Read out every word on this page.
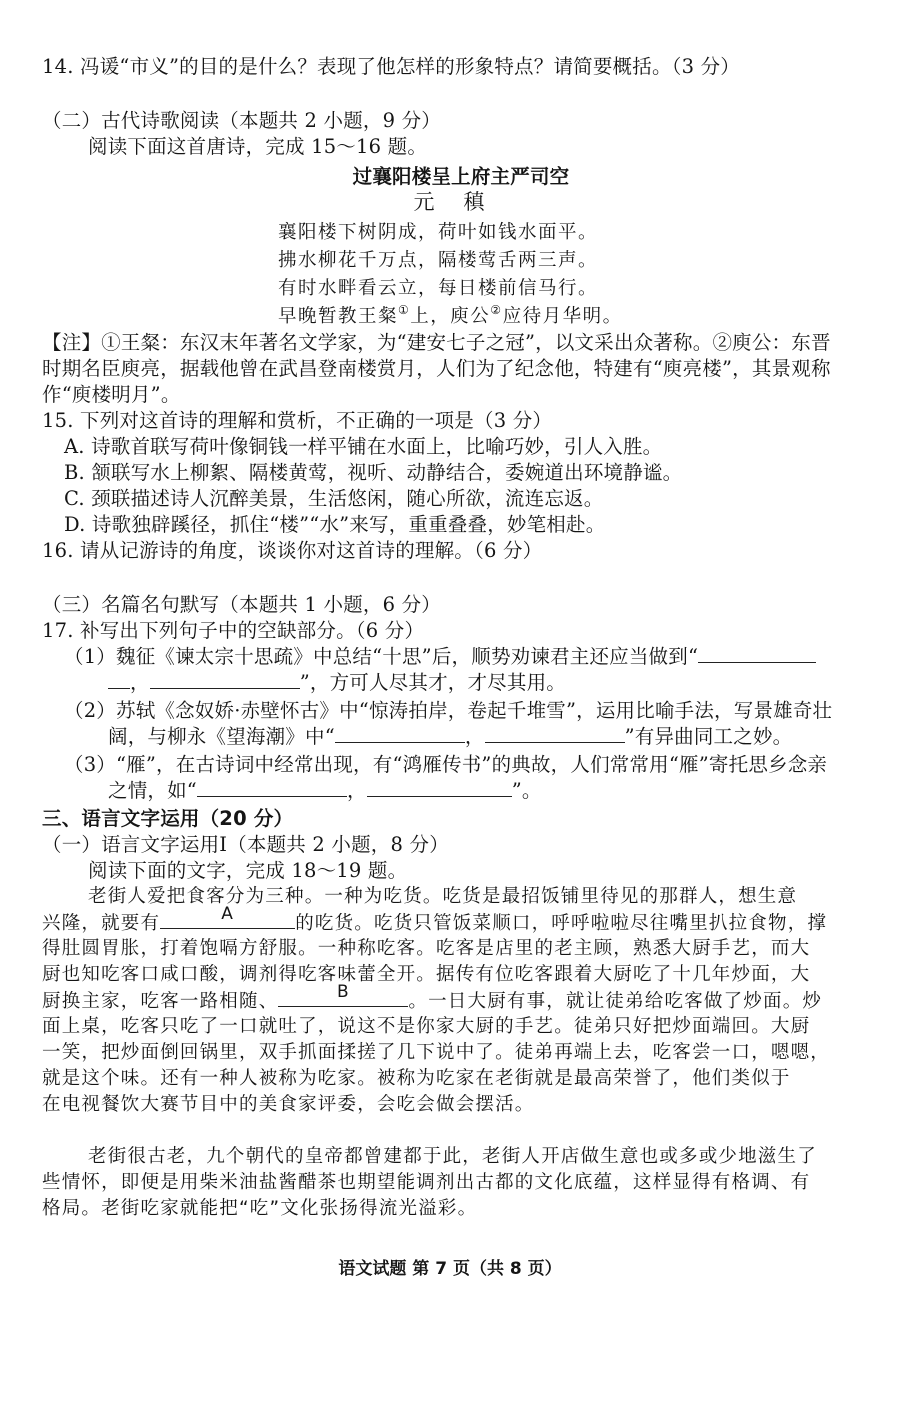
14. 冯谖“市义”的目的是什么？表现了他怎样的形象特点？请简要概括。（3 分）
（二）古代诗歌阅读（本题共 2 小题，9 分）
阅读下面这首唐诗，完成 15～16 题。
过襄阳楼呈上府主严司空
元　稹
襄阳楼下树阴成，荷叶如钱水面平。
拂水柳花千万点，隔楼莺舌两三声。
有时水畔看云立，每日楼前信马行。
早晚暂教王粲①上，庾公②应待月华明。
【注】①王粲：东汉末年著名文学家，为“建安七子之冠”，以文采出众著称。②庾公：东晋
时期名臣庾亮，据载他曾在武昌登南楼赏月，人们为了纪念他，特建有“庾亮楼”，其景观称
作“庾楼明月”。
15. 下列对这首诗的理解和赏析，不正确的一项是（3 分）
A. 诗歌首联写荷叶像铜钱一样平铺在水面上，比喻巧妙，引人入胜。
B. 颔联写水上柳絮、隔楼黄莺，视听、动静结合，委婉道出环境静谧。
C. 颈联描述诗人沉醉美景，生活悠闲，随心所欲，流连忘返。
D. 诗歌独辟蹊径，抓住“楼”“水”来写，重重叠叠，妙笔相赴。
16. 请从记游诗的角度，谈谈你对这首诗的理解。（6 分）
（三）名篇名句默写（本题共 1 小题，6 分）
17. 补写出下列句子中的空缺部分。（6 分）
（1）魏征《谏太宗十思疏》中总结“十思”后，顺势劝谏君主还应当做到“
，	”，方可人尽其才，才尽其用。
（2）苏轼《念奴娇·赤壁怀古》中“惊涛拍岸，卷起千堆雪”，运用比喻手法，写景雄奇壮
阔，与柳永《望海潮》中“	，	”有异曲同工之妙。
（3）“雁”，在古诗词中经常出现，有“鸿雁传书”的典故，人们常常用“雁”寄托思乡念亲
之情，如“	，	”。
三、语言文字运用（20 分）
（一）语言文字运用Ⅰ（本题共 2 小题，8 分）
阅读下面的文字，完成 18～19 题。
老街人爱把食客分为三种。一种为吃货。吃货是最招饭铺里待见的那群人，想生意
兴隆，就要有	A	的吃货。吃货只管饭菜顺口，呼呼啦啦尽往嘴里扒拉食物，撑
得肚圆胃胀，打着饱嗝方舒服。一种称吃客。吃客是店里的老主顾，熟悉大厨手艺，而大
厨也知吃客口咸口酸，调剂得吃客味蕾全开。据传有位吃客跟着大厨吃了十几年炒面，大
厨换主家，吃客一路相随、	B	。一日大厨有事，就让徒弟给吃客做了炒面。炒
面上桌，吃客只吃了一口就吐了，说这不是你家大厨的手艺。徒弟只好把炒面端回。大厨
一笑，把炒面倒回锅里，双手抓面揉搓了几下说中了。徒弟再端上去，吃客尝一口，嗯嗯，
就是这个味。还有一种人被称为吃家。被称为吃家在老街就是最高荣誉了，他们类似于
在电视餐饮大赛节目中的美食家评委，会吃会做会摆活。
老街很古老，九个朝代的皇帝都曾建都于此，老街人开店做生意也或多或少地滋生了
些情怀，即便是用柴米油盐酱醋茶也期望能调剂出古都的文化底蕴，这样显得有格调、有
格局。老街吃家就能把“吃”文化张扬得流光溢彩。
语文试题 第 7 页（共 8 页）
